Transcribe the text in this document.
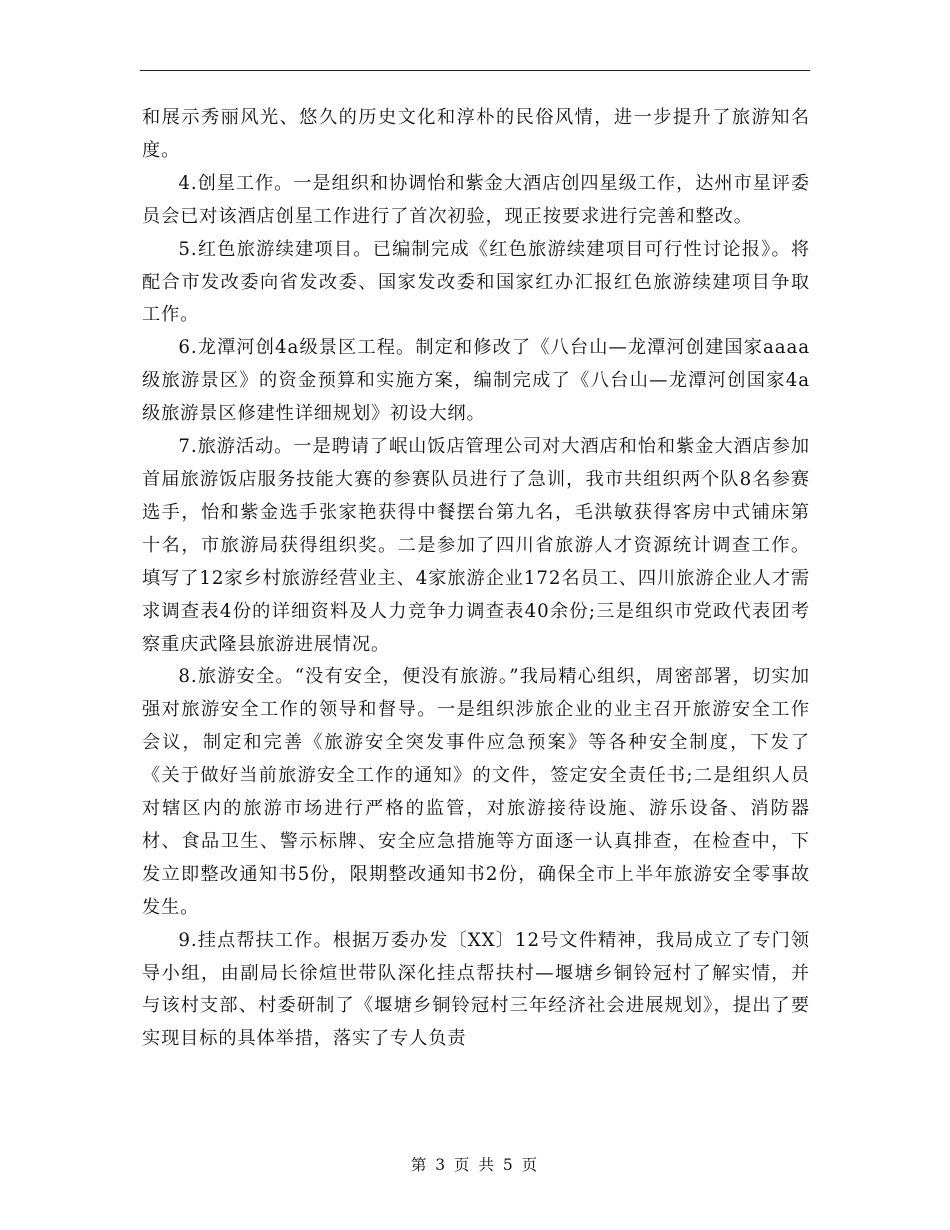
和展示秀丽风光、悠久的历史文化和淳朴的民俗风情，进一步提升了旅游知名度。

4.创星工作。一是组织和协调怡和紫金大酒店创四星级工作，达州市星评委员会已对该酒店创星工作进行了首次初验，现正按要求进行完善和整改。

5.红色旅游续建项目。已编制完成《红色旅游续建项目可行性讨论报》。将配合市发改委向省发改委、国家发改委和国家红办汇报红色旅游续建项目争取工作。

6.龙潭河创4a级景区工程。制定和修改了《八台山—龙潭河创建国家aaaa级旅游景区》的资金预算和实施方案，编制完成了《八台山—龙潭河创国家4a级旅游景区修建性详细规划》初设大纲。

7.旅游活动。一是聘请了岷山饭店管理公司对大酒店和怡和紫金大酒店参加首届旅游饭店服务技能大赛的参赛队员进行了急训，我市共组织两个队8名参赛选手，怡和紫金选手张家艳获得中餐摆台第九名，毛洪敏获得客房中式铺床第十名，市旅游局获得组织奖。二是参加了四川省旅游人才资源统计调查工作。填写了12家乡村旅游经营业主、4家旅游企业172名员工、四川旅游企业人才需求调查表4份的详细资料及人力竞争力调查表40余份;三是组织市党政代表团考察重庆武隆县旅游进展情况。

8.旅游安全。“没有安全，便没有旅游。”我局精心组织，周密部署，切实加强对旅游安全工作的领导和督导。一是组织涉旅企业的业主召开旅游安全工作会议，制定和完善《旅游安全突发事件应急预案》等各种安全制度，下发了《关于做好当前旅游安全工作的通知》的文件，签定安全责任书;二是组织人员对辖区内的旅游市场进行严格的监管，对旅游接待设施、游乐设备、消防器材、食品卫生、警示标牌、安全应急措施等方面逐一认真排查，在检查中，下发立即整改通知书5份，限期整改通知书2份，确保全市上半年旅游安全零事故发生。

9.挂点帮扶工作。根据万委办发〔XX〕12号文件精神，我局成立了专门领导小组，由副局长徐煊世带队深化挂点帮扶村—堰塘乡铜铃冠村了解实情，并与该村支部、村委研制了《堰塘乡铜铃冠村三年经济社会进展规划》，提出了要实现目标的具体举措，落实了专人负责

第 3 页 共 5 页
